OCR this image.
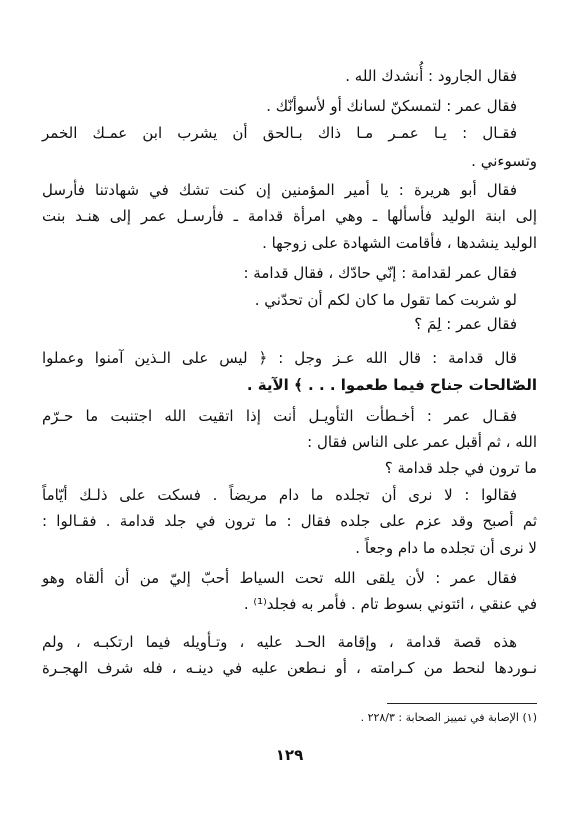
فقال الجارود : أُنشدك الله .
فقال عمر : لتمسكنّ لسانك أو لأسوأنّك .
فقـال : يـا عمـر مـا ذاك بـالحق أن يشرب ابن عمـك الخمر
وتسوءني .
فقال أبو هريرة : يا أمير المؤمنين إن كنت تشك في شهادتنا فأرسل
إلى ابنة الوليد فأسألها ـ وهي امرأة قدامة ـ فأرسـل عمر إلى هنـد بنت
الوليد ينشدها ، فأقامت الشهادة على زوجها .
فقال عمر لقدامة : إنّي حادّك ، فقال قدامة :
لو شربت كما تقول ما كان لكم أن تحدّني .
فقال عمر : لِمَ ؟
قال قدامة : قال الله عـز وجل : ﴿ ليس على الـذين آمنوا وعملوا
الصّالحات جناح فيما طعموا . . . ﴾ الآية .
فقـال عمر : أخـطأت التأويـل أنت إذا اتقيت الله اجتنبت ما حـرّم
الله ، ثم أقبل عمر على الناس فقال :
ما ترون في جلد قدامة ؟
فقالوا : لا نرى أن تجلده ما دام مريضاً . فسكت على ذلـك أيّاماً
ثم أصبح وقد عزم على جلده فقال : ما ترون في جلد قدامة . فقـالوا :
لا نرى أن تجلده ما دام وجعاً .
فقال عمر : لأن يلقى الله تحت السياط أحبّ إليّ من أن ألقاه وهو
في عنقي ، ائتوني بسوط تام . فأمر به فجلد⁽¹⁾ .
هذه قصة قدامة ، وإقامة الحـد عليه ، وتـأويله فيما ارتكبـه ، ولم
نـوردها لنحط من كـرامته ، أو نـطعن عليه في دينـه ، فله شرف الهجـرة
(١) الإصابة في تمييز الصحابة : ٢٢٨/٣ .
١٢٩
